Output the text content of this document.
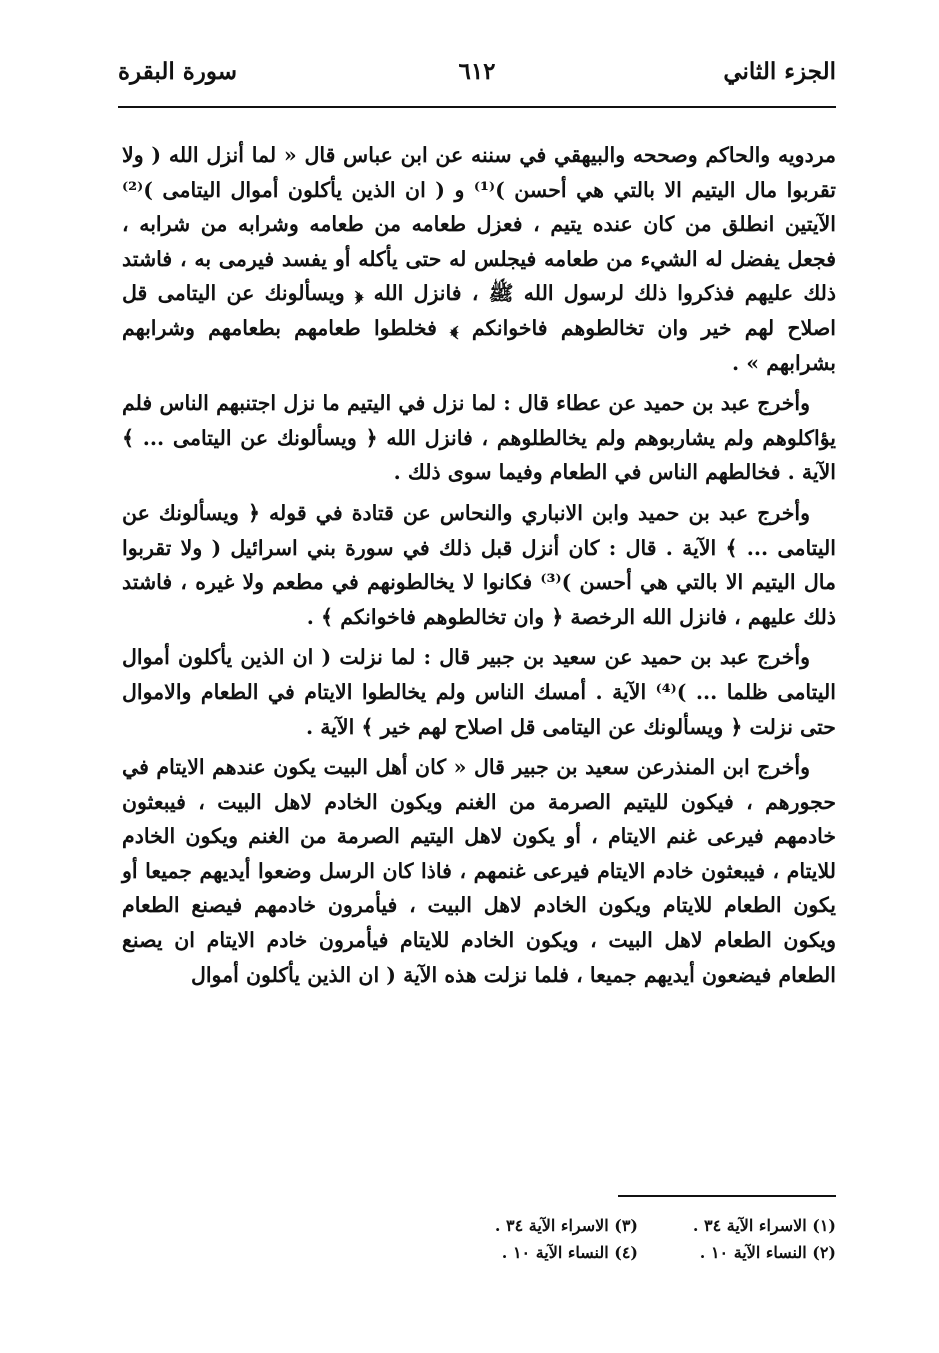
الجزء الثاني
٦١٢
سورة البقرة

مردويه والحاكم وصححه والبيهقي في سننه عن ابن عباس قال « لما أنزل الله ( ولا تقربوا مال اليتيم الا بالتي هي أحسن )⁽¹⁾ و ( ان الذين يأكلون أموال اليتامى )⁽²⁾ الآيتين انطلق من كان عنده يتيم ، فعزل طعامه من طعامه وشرابه من شرابه ، فجعل يفضل له الشيء من طعامه فيجلس له حتى يأكله أو يفسد فيرمى به ، فاشتد ذلك عليهم فذكروا ذلك لرسول الله ﷺ ، فانزل الله ﴿ ويسألونك عن اليتامى قل اصلاح لهم خير وان تخالطوهم فاخوانكم ﴾ فخلطوا طعامهم بطعامهم وشرابهم بشرابهم » .

وأخرج عبد بن حميد عن عطاء قال : لما نزل في اليتيم ما نزل اجتنبهم الناس فلم يؤاكلوهم ولم يشاربوهم ولم يخالطلوهم ، فانزل الله ﴿ ويسألونك عن اليتامى ... ﴾ الآية . فخالطهم الناس في الطعام وفيما سوى ذلك .

وأخرج عبد بن حميد وابن الانباري والنحاس عن قتادة في قوله ﴿ ويسألونك عن اليتامى ... ﴾ الآية . قال : كان أنزل قبل ذلك في سورة بني اسرائيل ( ولا تقربوا مال اليتيم الا بالتي هي أحسن )⁽³⁾ فكانوا لا يخالطونهم في مطعم ولا غيره ، فاشتد ذلك عليهم ، فانزل الله الرخصة ﴿ وان تخالطوهم فاخوانكم ﴾ .

وأخرج عبد بن حميد عن سعيد بن جبير قال : لما نزلت ( ان الذين يأكلون أموال اليتامى ظلما ... )⁽⁴⁾ الآية . أمسك الناس ولم يخالطوا الايتام في الطعام والاموال حتى نزلت ﴿ ويسألونك عن اليتامى قل اصلاح لهم خير ﴾ الآية .

وأخرج ابن المنذرعن سعيد بن جبير قال « كان أهل البيت يكون عندهم الايتام في حجورهم ، فيكون لليتيم الصرمة من الغنم ويكون الخادم لاهل البيت ، فيبعثون خادمهم فيرعى غنم الايتام ، أو يكون لاهل اليتيم الصرمة من الغنم ويكون الخادم للايتام ، فيبعثون خادم الايتام فيرعى غنمهم ، فاذا كان الرسل وضعوا أيديهم جميعا أو يكون الطعام للايتام ويكون الخادم لاهل البيت ، فيأمرون خادمهم فيصنع الطعام ويكون الطعام لاهل البيت ، ويكون الخادم للايتام فيأمرون خادم الايتام ان يصنع الطعام فيضعون أيديهم جميعا ، فلما نزلت هذه الآية ( ان الذين يأكلون أموال

(١) الاسراء الآية ٣٤ .
(٣) الاسراء الآية ٣٤ .
(٢) النساء الآية ١٠ .
(٤) النساء الآية ١٠ .
